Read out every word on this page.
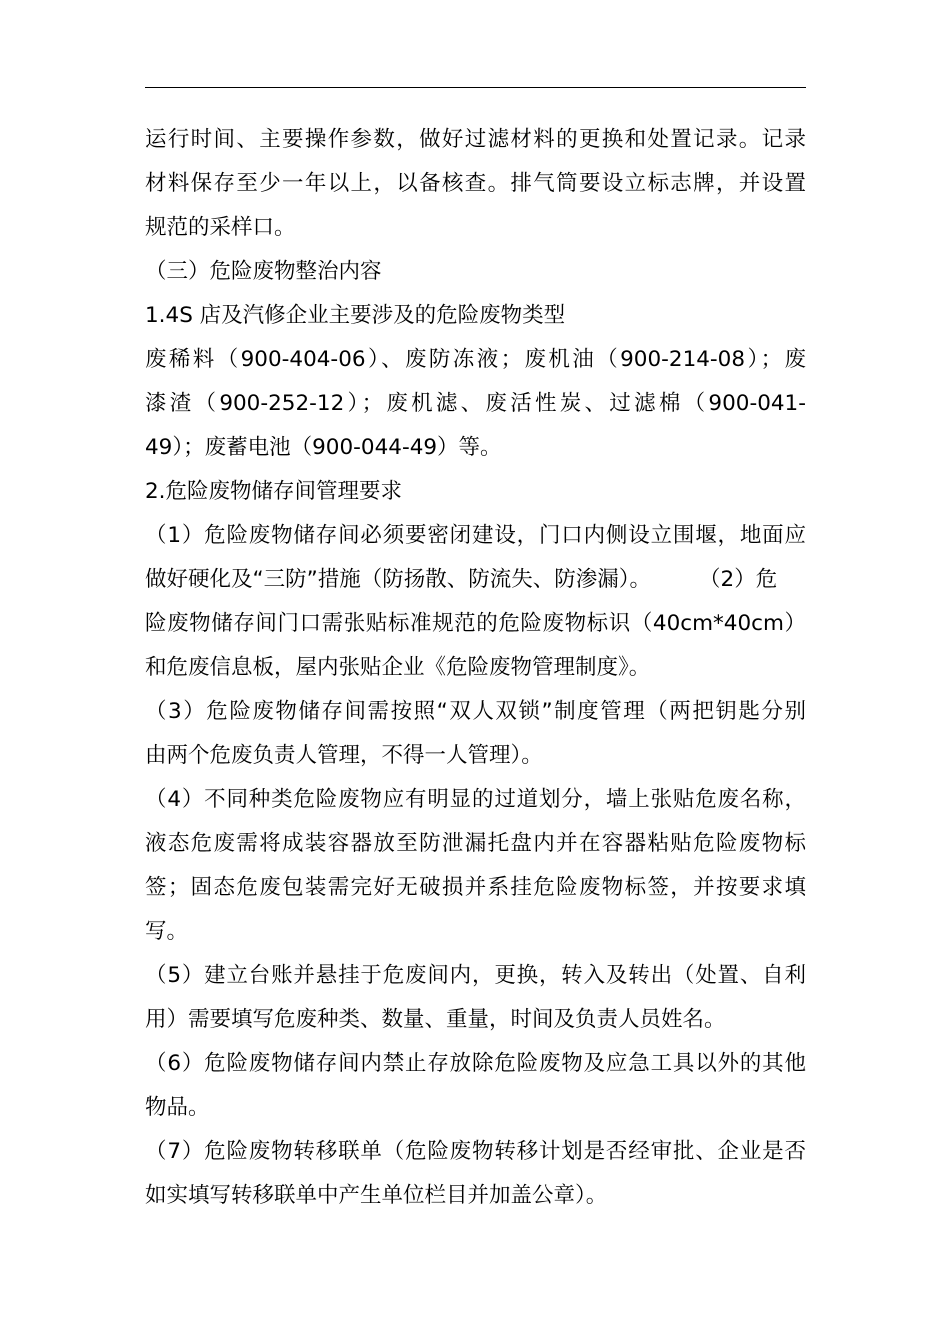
运行时间、主要操作参数，做好过滤材料的更换和处置记录。记录
材料保存至少一年以上，以备核查。排气筒要设立标志牌，并设置
规范的采样口。
（三）危险废物整治内容
1.4S 店及汽修企业主要涉及的危险废物类型
废稀料（900-404-06）、废防冻液；废机油（900-214-08）；废
漆渣（900-252-12）；废机滤、废活性炭、过滤棉（900-041-
49）；废蓄电池（900-044-49）等。
2.危险废物储存间管理要求
（1）危险废物储存间必须要密闭建设，门口内侧设立围堰，地面应
做好硬化及“三防”措施（防扬散、防流失、防渗漏）。 （2）危
险废物储存间门口需张贴标准规范的危险废物标识（40cm*40cm）
和危废信息板，屋内张贴企业《危险废物管理制度》。
（3）危险废物储存间需按照“双人双锁”制度管理（两把钥匙分别
由两个危废负责人管理，不得一人管理）。
（4）不同种类危险废物应有明显的过道划分，墙上张贴危废名称，
液态危废需将成装容器放至防泄漏托盘内并在容器粘贴危险废物标
签；固态危废包装需完好无破损并系挂危险废物标签，并按要求填
写。
（5）建立台账并悬挂于危废间内，更换，转入及转出（处置、自利
用）需要填写危废种类、数量、重量，时间及负责人员姓名。
（6）危险废物储存间内禁止存放除危险废物及应急工具以外的其他
物品。
（7）危险废物转移联单（危险废物转移计划是否经审批、企业是否
如实填写转移联单中产生单位栏目并加盖公章）。
